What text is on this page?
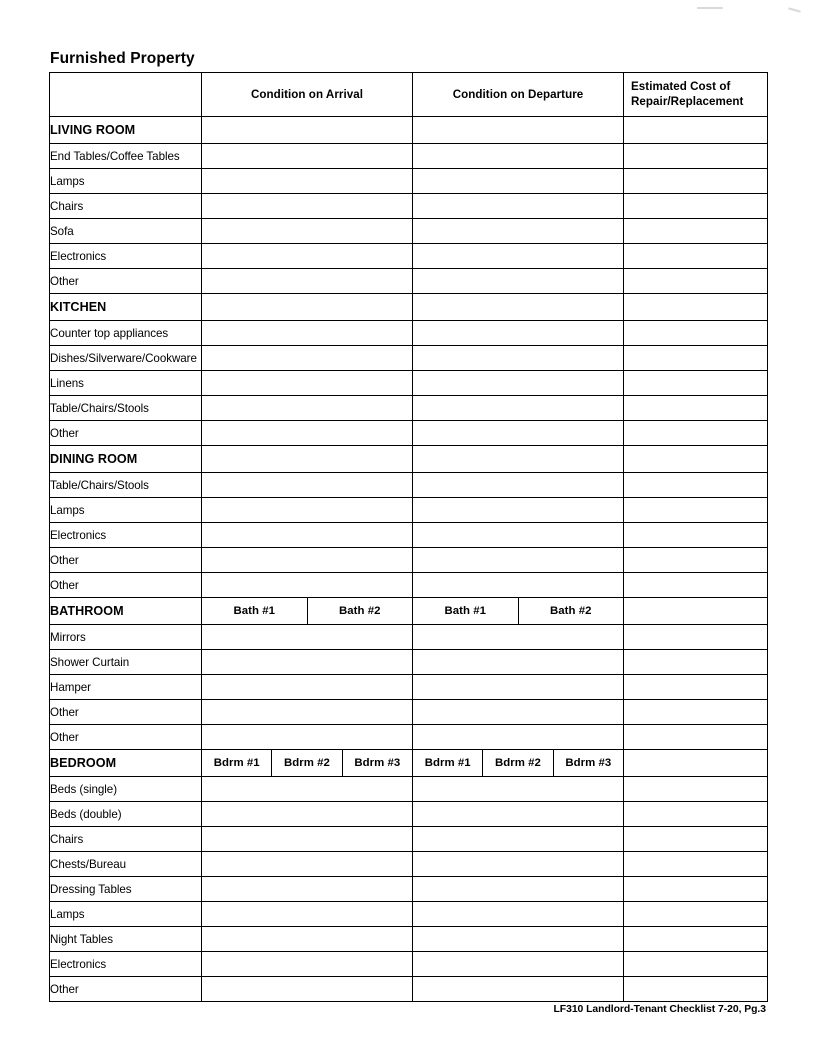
Furnished Property
	Condition on Arrival	Condition on Departure	Estimated Cost of Repair/Replacement
LIVING ROOM			
End Tables/Coffee Tables			
Lamps			
Chairs			
Sofa			
Electronics			
Other			
KITCHEN			
Counter top appliances			
Dishes/Silverware/Cookware			
Linens			
Table/Chairs/Stools			
Other			
DINING ROOM			
Table/Chairs/Stools			
Lamps			
Electronics			
Other			
Other			
BATHROOM	Bath #1	Bath #2	Bath #1	Bath #2

Mirrors			
Shower Curtain			
Hamper			
Other			
Other			
BEDROOM	Bdrm #1	Bdrm #2	Bdrm #3	Bdrm #1	Bdrm #2	Bdrm #3

Beds (single)			
Beds (double)			
Chairs			
Chests/Bureau			
Dressing Tables			
Lamps			
Night Tables			
Electronics			
Other			
LF310 Landlord-Tenant Checklist 7-20, Pg.3
